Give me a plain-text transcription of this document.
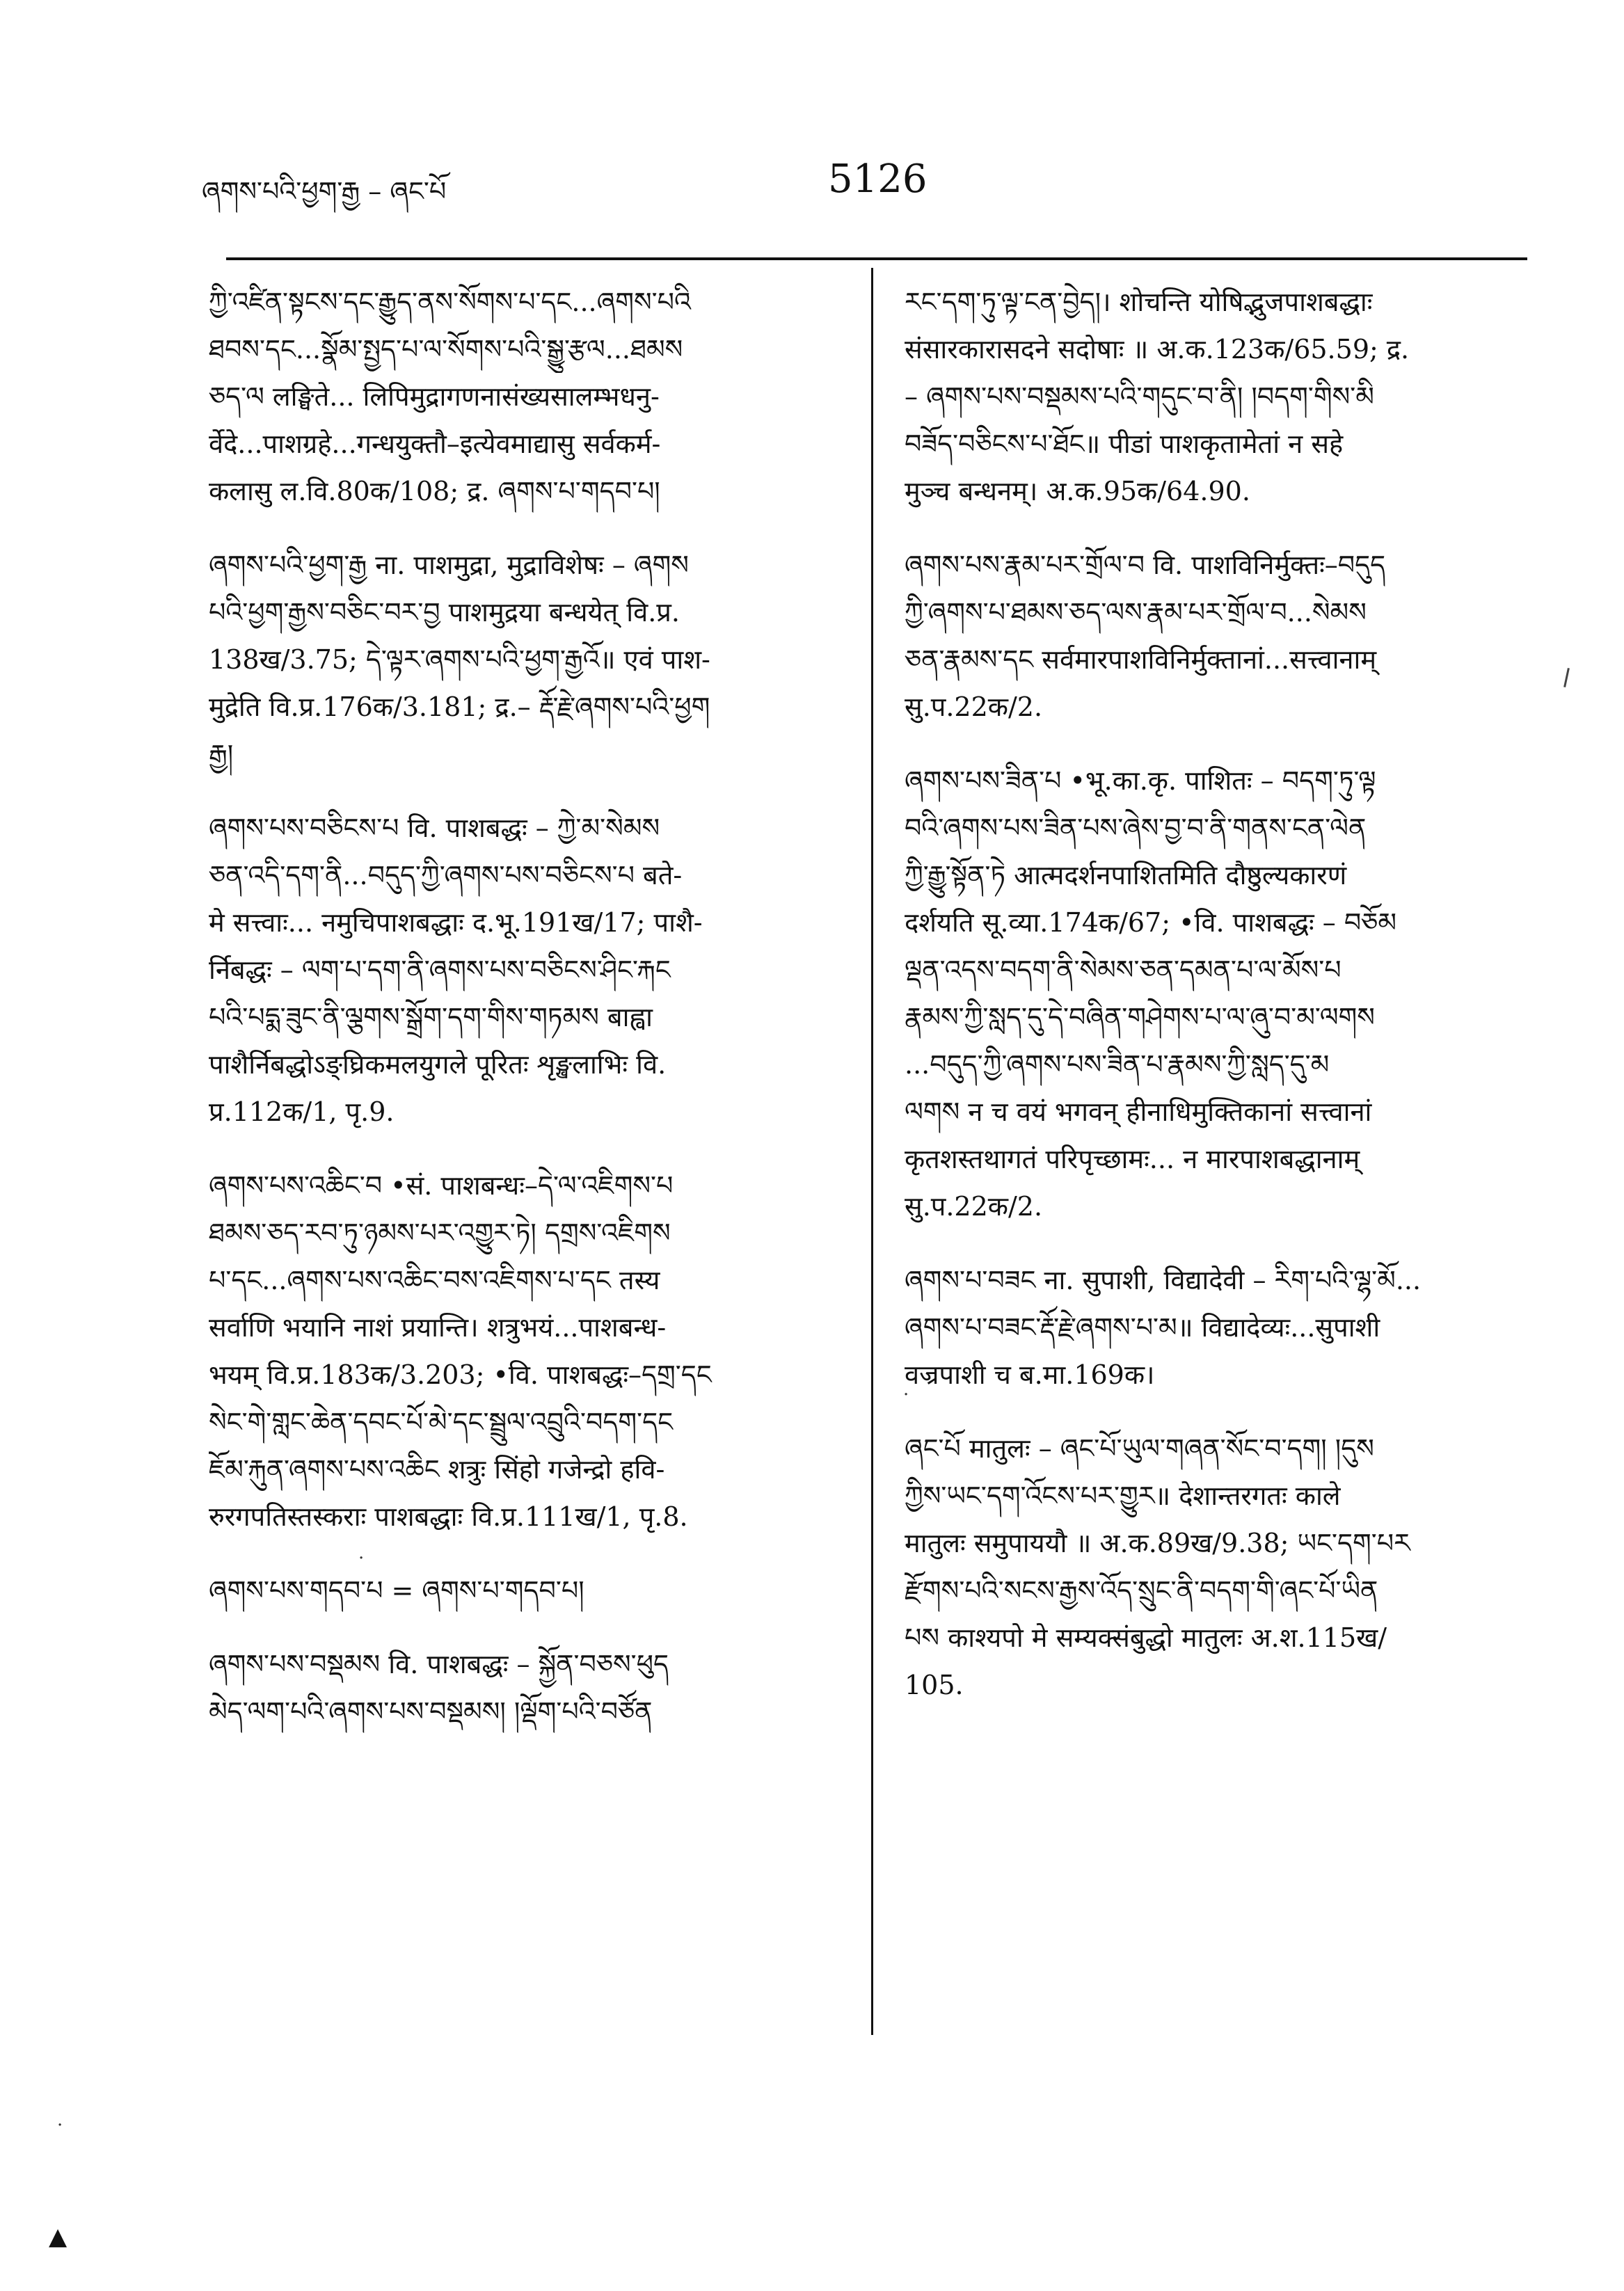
ཞགས་པའི་ཕྱག་རྒྱ – ཞང་པོ	5126
ཀྱི་འཛིན་སྟངས་དང་རྒྱུད་ནས་སོགས་པ་དང...ཞགས་པའི
ཐབས་དང...སྣོམ་སྤྱད་པ་ལ་སོགས་པའི་སྒྱུ་རྩལ...ཐམས
ཅད་ལ लङ्घिते... लिपिमुद्रागणनासंख्यसालम्भधनु-
र्वेदे...पाशग्रहे...गन्धयुक्तौ–इत्येवमाद्यासु सर्वकर्म-
कलासु ल.वि.80क/108; द्र. ཞགས་པ་གདབ་པ།
ཞགས་པའི་ཕྱག་རྒྱ ना. पाशमुद्रा, मुद्राविशेषः – ཞགས
པའི་ཕྱག་རྒྱས་བཅིང་བར་བྱ पाशमुद्रया बन्धयेत् वि.प्र.
138ख/3.75; དེ་ལྟར་ཞགས་པའི་ཕྱག་རྒྱའོ॥ एवं पाश-
मुद्रेति वि.प्र.176क/3.181; द्र.– རྡོ་རྗེ་ཞགས་པའི་ཕྱག
རྒྱ།
ཞགས་པས་བཅིངས་པ वि. पाशबद्धः – ཀྱེ་མ་སེམས
ཅན་འདི་དག་ནི...བདུད་ཀྱི་ཞགས་པས་བཅིངས་པ बते-
मे सत्त्वाः... नमुचिपाशबद्धाः द.भू.191ख/17; पाशै-
र्निबद्धः – ལག་པ་དག་ནི་ཞགས་པས་བཅིངས་ཤིང་རྐང
པའི་པདྨ་ཟུང་ནི་ལྕགས་སྒྲོག་དག་གིས་གཏམས बाह्वा
पाशैर्निबद्धोऽङ्घ्रिकमलयुगले पूरितः शृङ्खलाभिः वि.
प्र.112क/1, पृ.9.
ཞགས་པས་འཆིང་བ •सं. पाशबन्धः–དེ་ལ་འཇིགས་པ
ཐམས་ཅད་རབ་ཏུ་ཉམས་པར་འགྱུར་ཏེ། དགྲས་འཇིགས
པ་དང...ཞགས་པས་འཆིང་བས་འཇིགས་པ་དང तस्य
सर्वाणि भयानि नाशं प्रयान्ति। शत्रुभयं...पाशबन्ध-
भयम् वि.प्र.183क/3.203; •वि. पाशबद्धः–དགྲ་དང
སེང་གེ་གླང་ཆེན་དབང་པོ་མེ་དང་སྦྲུལ་འབྲུའི་བདག་དང
ཇོམ་རྐུན་ཞགས་པས་འཆིང शत्रुः सिंहो गजेन्द्रो हवि-
रुरगपतिस्तस्कराः पाशबद्धाः वि.प्र.111ख/1, पृ.8.
ཞགས་པས་གདབ་པ = ཞགས་པ་གདབ་པ།
ཞགས་པས་བསྡམས वि. पाशबद्धः – སྐྱོན་བཅས་ཕུད
མེད་ལག་པའི་ཞགས་པས་བསྡམས། །ལྡོག་པའི་བཙོན
རང་དག་ཏུ་ལྟ་ངན་བྱེད།। शोचन्ति योषिद्भुजपाशबद्धाः
संसारकारासदने सदोषाः ॥ अ.क.123क/65.59; द्र.
– ཞགས་པས་བསྡམས་པའི་གདུང་བ་ནི། །བདག་གིས་མི
བཟོད་བཅིངས་པ་ཐོང॥ पीडां पाशकृतामेतां न सहे
मुञ्च बन्धनम्। अ.क.95क/64.90.
ཞགས་པས་རྣམ་པར་གྲོལ་བ वि. पाशविनिर्मुक्तः–བདུད
ཀྱི་ཞགས་པ་ཐམས་ཅད་ལས་རྣམ་པར་གྲོལ་བ...སེམས
ཅན་རྣམས་དང सर्वमारपाशविनिर्मुक्तानां...सत्त्वानाम्
सु.प.22क/2.
ཞགས་པས་ཟིན་པ •भू.का.कृ. पाशितः – བདག་ཏུ་ལྟ
བའི་ཞགས་པས་ཟིན་པས་ཞེས་བྱ་བ་ནི་གནས་ངན་ལེན
ཀྱི་རྒྱུ་སྟོན་ཏེ आत्मदर्शनपाशितमिति दौष्ठुल्यकारणं
दर्शयति सू.व्या.174क/67; •वि. पाशबद्धः – བཅོམ
ལྡན་འདས་བདག་ནི་སེམས་ཅན་དམན་པ་ལ་མོས་པ
རྣམས་ཀྱི་སླད་དུ་དེ་བཞིན་གཤེགས་པ་ལ་ཞུ་བ་མ་ལགས
...བདུད་ཀྱི་ཞགས་པས་ཟིན་པ་རྣམས་ཀྱི་སླད་དུ་མ
ལགས न च वयं भगवन् हीनाधिमुक्तिकानां सत्त्वानां
कृतशस्तथागतं परिपृच्छामः... न मारपाशबद्धानाम्
सु.प.22क/2.
ཞགས་པ་བཟང ना. सुपाशी, विद्यादेवी – རིག་པའི་ལྷ་མོ...
ཞགས་པ་བཟང་རྡོ་རྗེ་ཞགས་པ་མ॥ विद्यादेव्यः...सुपाशी
वज्रपाशी च ब.मा.169क।
ཞང་པོ मातुलः – ཞང་པོ་ཡུལ་གཞན་སོང་བ་དག། །དུས
ཀྱིས་ཡང་དག་འོངས་པར་གྱུར॥ देशान्तरगतः काले
मातुलः समुपाययौ ॥ अ.क.89ख/9.38; ཡང་དག་པར
རྫོགས་པའི་སངས་རྒྱས་འོད་སྲུང་ནི་བདག་གི་ཞང་པོ་ཡིན
པས काश्यपो मे सम्यक्संबुद्धो मातुलः अ.श.115ख/
105.
·
·
·
▲
